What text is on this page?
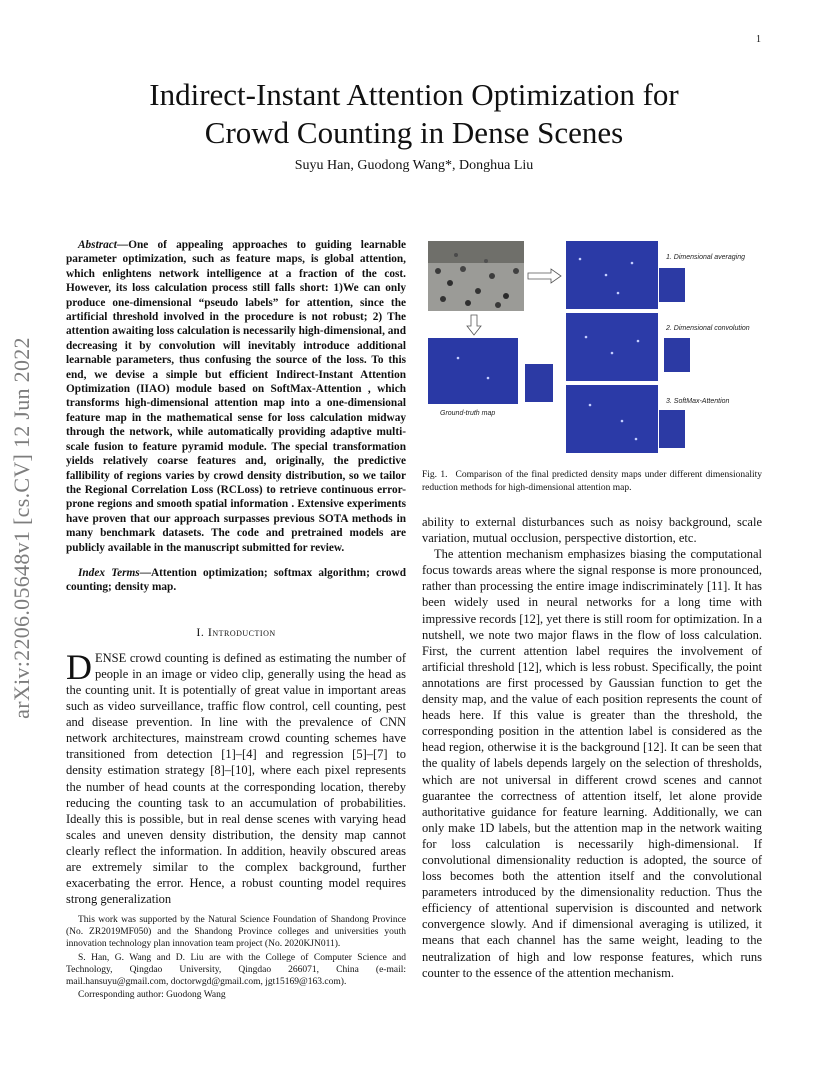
1
Indirect-Instant Attention Optimization for
Crowd Counting in Dense Scenes
Suyu Han, Guodong Wang*, Donghua Liu
arXiv:2206.05648v1 [cs.CV] 12 Jun 2022

Abstract—One of appealing approaches to guiding learnable parameter optimization, such as feature maps, is global attention, which enlightens network intelligence at a fraction of the cost. However, its loss calculation process still falls short: 1)We can only produce one-dimensional “pseudo labels” for attention, since the artificial threshold involved in the procedure is not robust; 2) The attention awaiting loss calculation is necessarily high-dimensional, and decreasing it by convolution will inevitably introduce additional learnable parameters, thus confusing the source of the loss. To this end, we devise a simple but efficient Indirect-Instant Attention Optimization (IIAO) module based on SoftMax-Attention , which transforms high-dimensional attention map into a one-dimensional feature map in the mathematical sense for loss calculation midway through the network, while automatically providing adaptive multi-scale fusion to feature pyramid module. The special transformation yields relatively coarse features and, originally, the predictive fallibility of regions varies by crowd density distribution, so we tailor the Regional Correlation Loss (RCLoss) to retrieve continuous error-prone regions and smooth spatial information . Extensive experiments have proven that our approach surpasses previous SOTA methods in many benchmark datasets. The code and pretrained models are publicly available in the manuscript submitted for review.

Index Terms—Attention optimization; softmax algorithm; crowd counting; density map.

I. Introduction

DENSE crowd counting is defined as estimating the number of people in an image or video clip, generally using the head as the counting unit. It is potentially of great value in important areas such as video surveillance, traffic flow control, cell counting, pest and disease prevention. In line with the prevalence of CNN network architectures, mainstream crowd counting schemes have transitioned from detection [1]–[4] and regression [5]–[7] to density estimation strategy [8]–[10], where each pixel represents the number of head counts at the corresponding location, thereby reducing the counting task to an accumulation of probabilities. Ideally this is possible, but in real dense scenes with varying head scales and uneven density distribution, the density map cannot clearly reflect the information. In addition, heavily obscured areas are extremely similar to the complex background, further exacerbating the error. Hence, a robust counting model requires strong generalization

This work was supported by the Natural Science Foundation of Shandong Province (No. ZR2019MF050) and the Shandong Province colleges and universities youth innovation technology plan innovation team project (No. 2020KJN011).

S. Han, G. Wang and D. Liu are with the College of Computer Science and Technology, Qingdao University, Qingdao 266071, China (e-mail: mail.hansuyu@gmail.com, doctorwgd@gmail.com, jgt15169@163.com).

Corresponding author: Guodong Wang

1. Dimensional averaging
2. Dimensional convolution
Ground-truth map
3. SoftMax-Attention

Fig. 1. Comparison of the final predicted density maps under different dimensionality reduction methods for high-dimensional attention map.

ability to external disturbances such as noisy background, scale variation, mutual occlusion, perspective distortion, etc.

The attention mechanism emphasizes biasing the computational focus towards areas where the signal response is more pronounced, rather than processing the entire image indiscriminately [11]. It has been widely used in neural networks for a long time with impressive records [12], yet there is still room for optimization. In a nutshell, we note two major flaws in the flow of loss calculation. First, the current attention label requires the involvement of artificial threshold [12], which is less robust. Specifically, the point annotations are first processed by Gaussian function to get the density map, and the value of each position represents the count of heads here. If this value is greater than the threshold, the corresponding position in the attention label is considered as the head region, otherwise it is the background [12]. It can be seen that the quality of labels depends largely on the selection of thresholds, which are not universal in different crowd scenes and cannot guarantee the correctness of attention itself, let alone provide authoritative guidance for feature learning. Additionally, we can only make 1D labels, but the attention map in the network waiting for loss calculation is necessarily high-dimensional. If convolutional dimensionality reduction is adopted, the source of loss becomes both the attention itself and the convolutional parameters introduced by the dimensionality reduction. Thus the efficiency of attentional supervision is discounted and network convergence slowly. And if dimensional averaging is utilized, it means that each channel has the same weight, leading to the neutralization of high and low response features, which runs counter to the essence of the attention mechanism.
